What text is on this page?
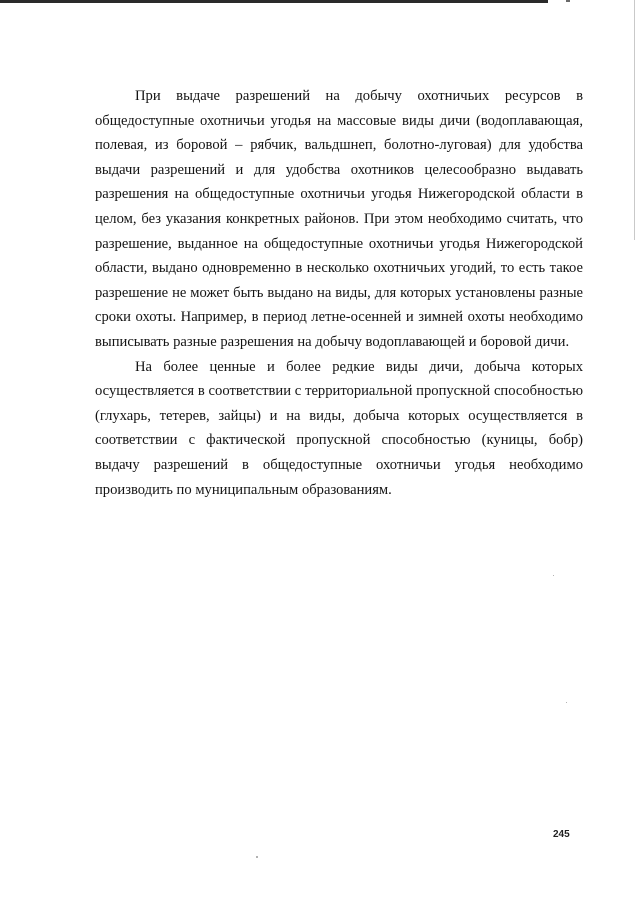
При выдаче разрешений на добычу охотничьих ресурсов в общедоступные охотничьи угодья на массовые виды дичи (водоплавающая, полевая, из боровой – рябчик, вальдшнеп, болотно-луговая) для удобства выдачи разрешений и для удобства охотников целесообразно выдавать разрешения на общедоступные охотничьи угодья Нижегородской области в целом, без указания конкретных районов. При этом необходимо считать, что разрешение, выданное на общедоступные охотничьи угодья Нижегородской области, выдано одновременно в несколько охотничьих угодий, то есть такое разрешение не может быть выдано на виды, для которых установлены разные сроки охоты. Например, в период летне-осенней и зимней охоты необходимо выписывать разные разрешения на добычу водоплавающей и боровой дичи.

На более ценные и более редкие виды дичи, добыча которых осуществляется в соответствии с территориальной пропускной способностью (глухарь, тетерев, зайцы) и на виды, добыча которых осуществляется в соответствии с фактической пропускной способностью (куницы, бобр) выдачу разрешений в общедоступные охотничьи угодья необходимо производить по муниципальным образованиям.

245
